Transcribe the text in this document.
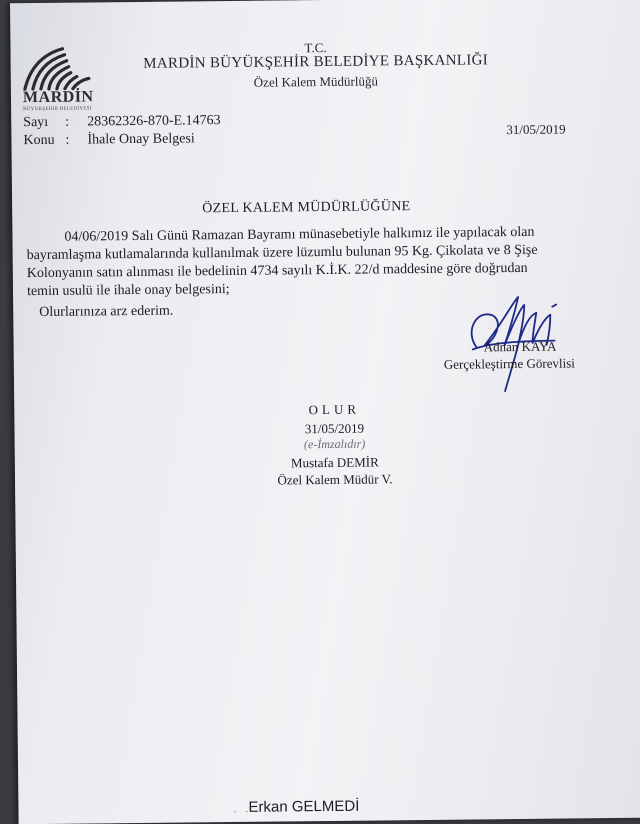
MARDİN
BÜYÜKŞEHİR BELEDİYESİ
T.C.
MARDİN BÜYÜKŞEHİR BELEDİYE BAŞKANLIĞI
Özel Kalem Müdürlüğü
Sayı : 28362326-870-E.14763
Konu : İhale Onay Belgesi
31/05/2019
ÖZEL KALEM MÜDÜRLÜĞÜNE
04/06/2019 Salı Günü Ramazan Bayramı münasebetiyle halkımız ile yapılacak olan
bayramlaşma kutlamalarında kullanılmak üzere lüzumlu bulunan 95 Kg. Çikolata ve 8 Şişe
Kolonyanın satın alınması ile bedelinin 4734 sayılı K.İ.K. 22/d maddesine göre doğrudan
temin usulü ile ihale onay belgesini;
Olurlarınıza arz ederim.
Adnan KAYA
Gerçekleştirme Görevlisi
OLUR
31/05/2019
(e-İmzalıdır)
Mustafa DEMİR
Özel Kalem Müdür V.
· ·
Erkan GELMEDİ
